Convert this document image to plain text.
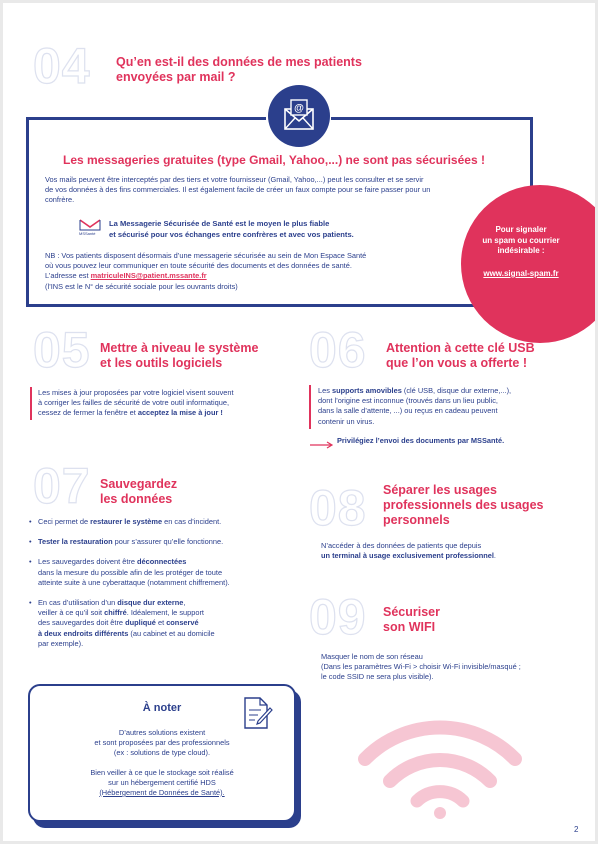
04 Qu’en est-il des données de mes patients
envoyées par mail ?
@
Les messageries gratuites (type Gmail, Yahoo,...) ne sont pas sécurisées !
Vos mails peuvent être interceptés par des tiers et votre fournisseur (Gmail, Yahoo,...) peut les consulter et se servir de vos données à des fins commerciales. Il est également facile de créer un faux compte pour se faire passer pour un confrère.
MSSanté
La Messagerie Sécurisée de Santé est le moyen le plus fiable
et sécurisé pour vos échanges entre confrères et avec vos patients.
NB : Vos patients disposent désormais d’une messagerie sécurisée au sein de Mon Espace Santé
où vous pouvez leur communiquer en toute sécurité des documents et des données de santé.
L’adresse est matriculeINS@patient.mssante.fr
(l’INS est le N° de sécurité sociale pour les ouvrants droits)
Pour signaler
un spam ou courrier
indésirable :
www.signal-spam.fr
05 Mettre à niveau le système
et les outils logiciels
Les mises à jour proposées par votre logiciel visent souvent
à corriger les failles de sécurité de votre outil informatique,
cessez de fermer la fenêtre et acceptez la mise à jour !
06 Attention à cette clé USB
que l’on vous a offerte !
Les supports amovibles (clé USB, disque dur externe,...),
dont l’origine est inconnue (trouvés dans un lieu public,
dans la salle d’attente, ...) ou reçus en cadeau peuvent
contenir un virus.
Privilégiez l’envoi des documents par MSSanté.
07 Sauvegardez
les données
• Ceci permet de restaurer le système en cas d’incident.
• Tester la restauration pour s’assurer qu’elle fonctionne.
• Les sauvegardes doivent être déconnectées
dans la mesure du possible afin de les protéger de toute
atteinte suite à une cyberattaque (notamment chiffrement).
• En cas d’utilisation d’un disque dur externe,
veiller à ce qu’il soit chiffré. Idéalement, le support
des sauvegardes doit être dupliqué et conservé
à deux endroits différents (au cabinet et au domicile
par exemple).
À noter
D’autres solutions existent
et sont proposées par des professionnels
(ex : solutions de type cloud).
Bien veiller à ce que le stockage soit réalisé
sur un hébergement certifié HDS
(Hébergement de Données de Santé).
08 Séparer les usages
professionnels des usages
personnels
N’accéder à des données de patients que depuis
un terminal à usage exclusivement professionnel.
09 Sécuriser
son WIFI
Masquer le nom de son réseau
(Dans les paramètres Wi-Fi > choisir Wi-Fi invisible/masqué ;
le code SSID ne sera plus visible).
2
